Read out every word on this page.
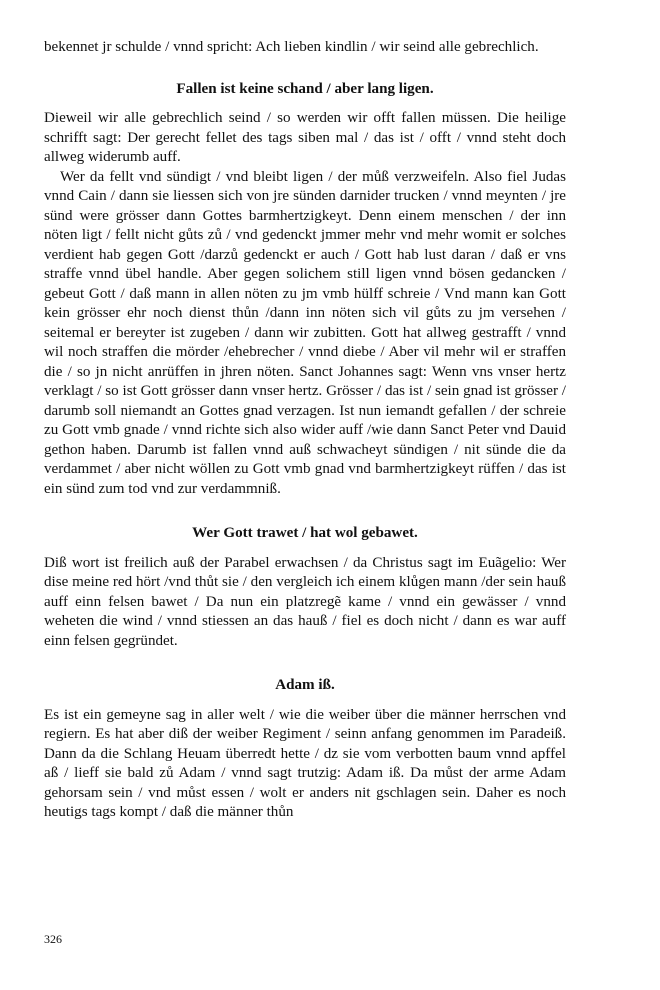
bekennet jr schulde / vnnd spricht: Ach lieben kindlin / wir seind alle gebrechlich.

Fallen ist keine schand / aber lang ligen.

Dieweil wir alle gebrechlich seind / so werden wir offt fallen müssen. Die heilige schrifft sagt: Der gerecht fellet des tags siben mal / das ist / offt / vnnd steht doch allweg widerumb auff.

Wer da fellt vnd sündigt / vnd bleibt ligen / der můß verzweifeln. Also fiel Judas vnnd Cain / dann sie liessen sich von jre sünden darnider trucken / vnnd meynten / jre sünd were grösser dann Gottes barmhertzigkeyt. Denn einem menschen / der inn nöten ligt / fellt nicht gůts zů / vnd gedenckt jmmer mehr vnd mehr womit er solches verdient hab gegen Gott /darzů gedenckt er auch / Gott hab lust daran / daß er vns straffe vnnd übel handle. Aber gegen solichem still ligen vnnd bösen gedancken / gebeut Gott / daß mann in allen nöten zu jm vmb hülff schreie / Vnd mann kan Gott kein grösser ehr noch dienst thůn /dann inn nöten sich vil gůts zu jm versehen / seitemal er bereyter ist zugeben / dann wir zubitten. Gott hat allweg gestrafft / vnnd wil noch straffen die mörder /ehebrecher / vnnd diebe / Aber vil mehr wil er straffen die / so jn nicht anrüffen in jhren nöten. Sanct Johannes sagt: Wenn vns vnser hertz verklagt / so ist Gott grösser dann vnser hertz. Grösser / das ist / sein gnad ist grösser / darumb soll niemandt an Gottes gnad verzagen. Ist nun iemandt gefallen / der schreie zu Gott vmb gnade / vnnd richte sich also wider auff /wie dann Sanct Peter vnd Dauid gethon haben. Darumb ist fallen vnnd auß schwacheyt sündigen / nit sünde die da verdammet / aber nicht wöllen zu Gott vmb gnad vnd barmhertzigkeyt rüffen / das ist ein sünd zum tod vnd zur verdammniß.

Wer Gott trawet / hat wol gebawet.

Diß wort ist freilich auß der Parabel erwachsen / da Christus sagt im Euãgelio: Wer dise meine red hört /vnd thůt sie / den vergleich ich einem klůgen mann /der sein hauß auff einn felsen bawet / Da nun ein platzregẽ kame / vnnd ein gewässer / vnnd weheten die wind / vnnd stiessen an das hauß / fiel es doch nicht / dann es war auff einn felsen gegründet.

Adam iß.

Es ist ein gemeyne sag in aller welt / wie die weiber über die männer herrschen vnd regiern. Es hat aber diß der weiber Regiment / seinn anfang genommen im Paradeiß. Dann da die Schlang Heuam überredt hette / dz sie vom verbotten baum vnnd apffel aß / lieff sie bald zů Adam / vnnd sagt trutzig: Adam iß. Da můst der arme Adam gehorsam sein / vnd můst essen / wolt er anders nit gschlagen sein. Daher es noch heutigs tags kompt / daß die männer thůn

326
